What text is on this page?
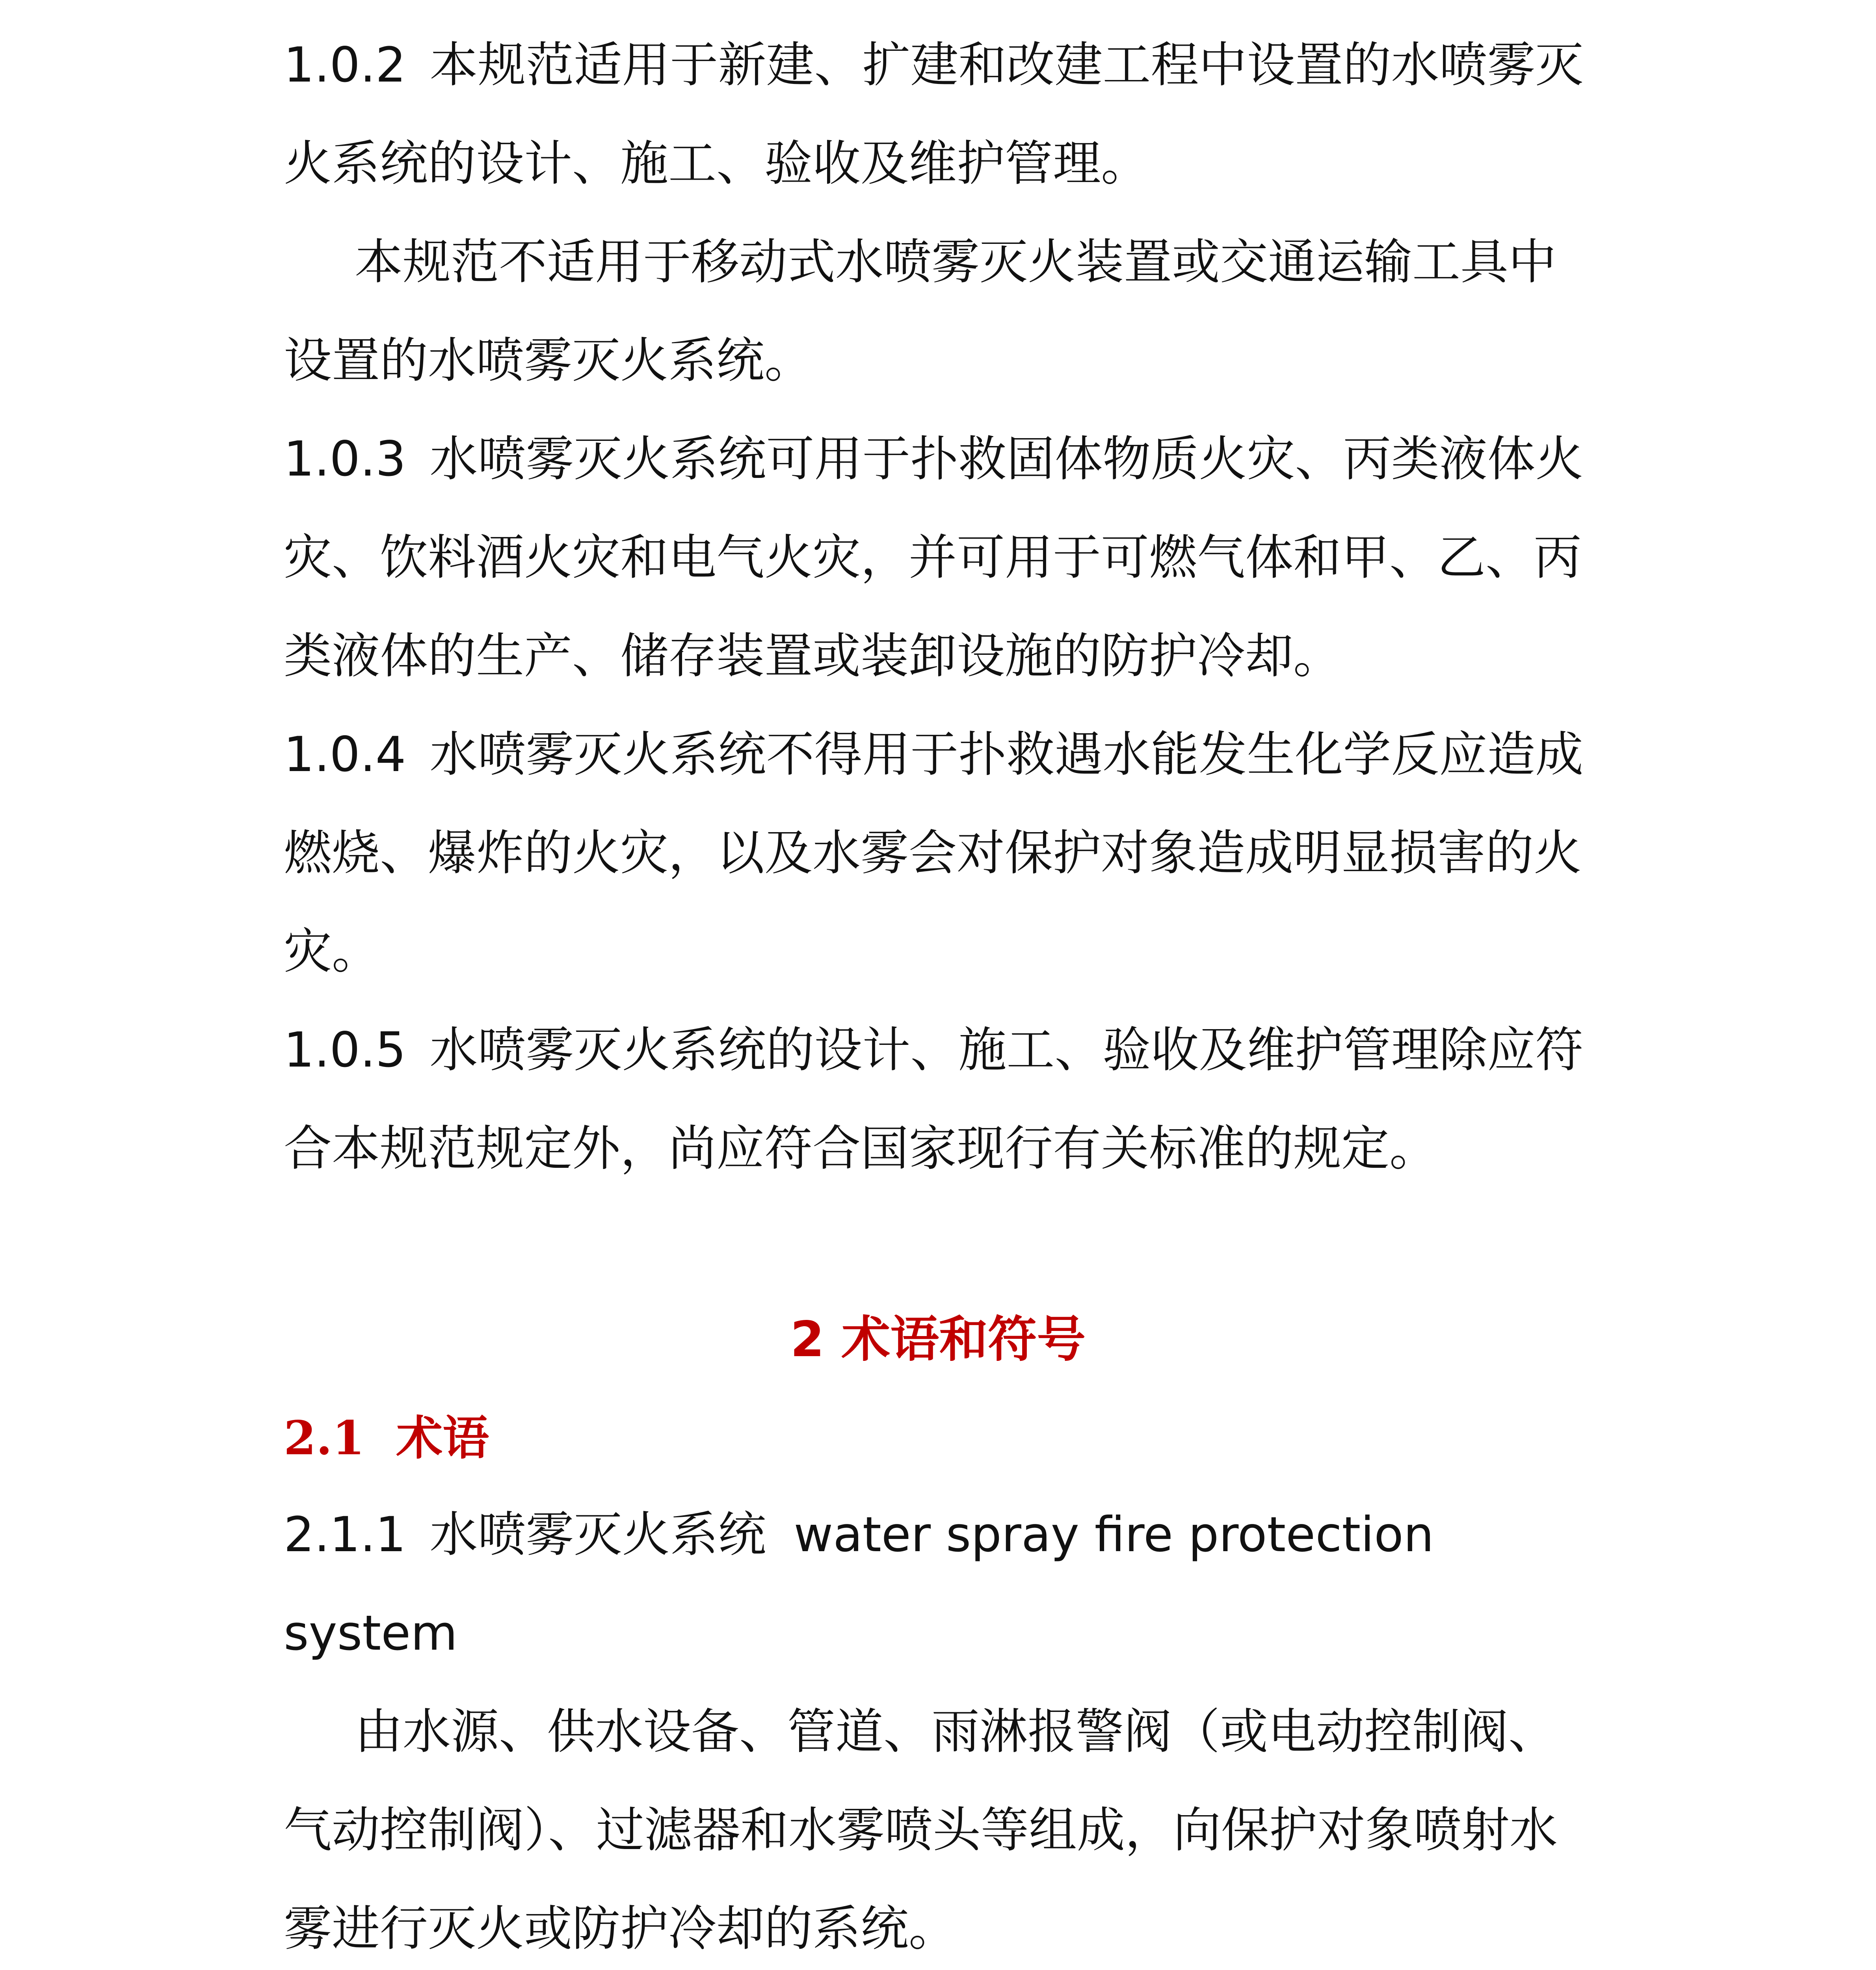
1.0.2 本规范适用于新建、扩建和改建工程中设置的水喷雾灭火系统的设计、施工、验收及维护管理。

本规范不适用于移动式水喷雾灭火装置或交通运输工具中设置的水喷雾灭火系统。

1.0.3 水喷雾灭火系统可用于扑救固体物质火灾、丙类液体火灾、饮料酒火灾和电气火灾，并可用于可燃气体和甲、乙、丙类液体的生产、储存装置或装卸设施的防护冷却。

1.0.4 水喷雾灭火系统不得用于扑救遇水能发生化学反应造成燃烧、爆炸的火灾，以及水雾会对保护对象造成明显损害的火灾。

1.0.5 水喷雾灭火系统的设计、施工、验收及维护管理除应符合本规范规定外，尚应符合国家现行有关标准的规定。

2 术语和符号
2.1 术语

2.1.1 水喷雾灭火系统 water spray fire protection system

由水源、供水设备、管道、雨淋报警阀（或电动控制阀、气动控制阀）、过滤器和水雾喷头等组成，向保护对象喷射水雾进行灭火或防护冷却的系统。
